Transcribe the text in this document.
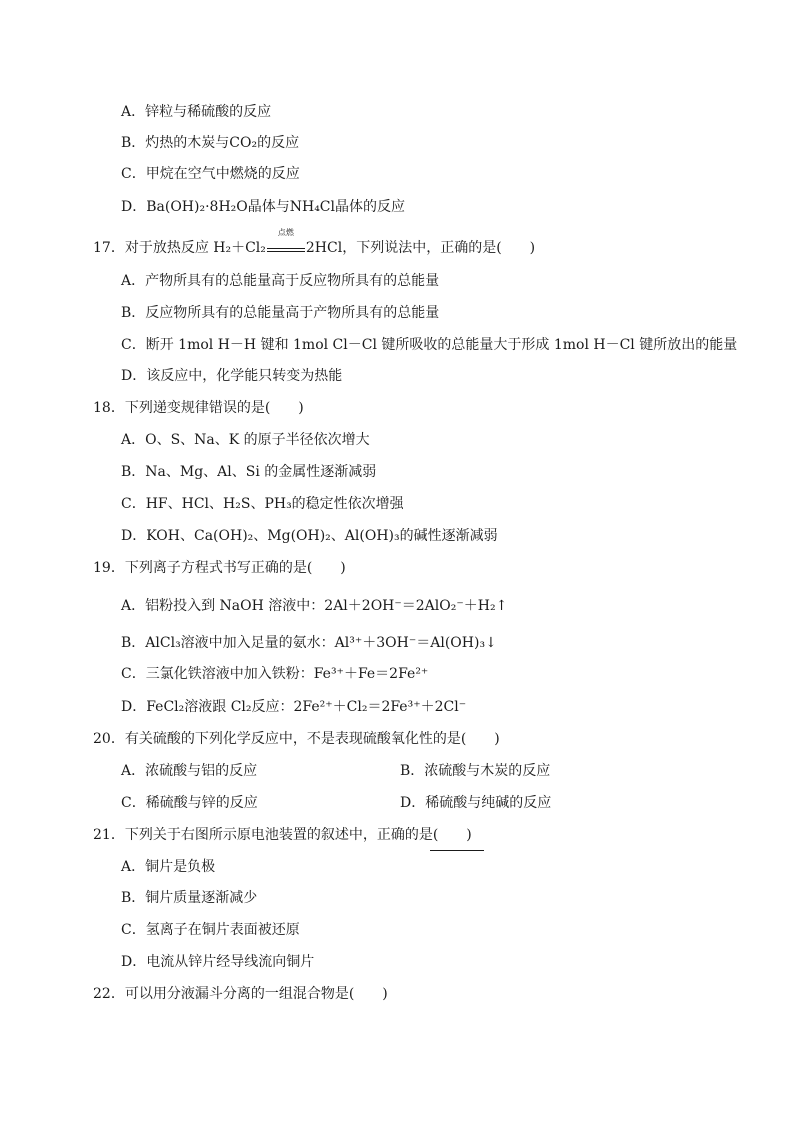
A．锌粒与稀硫酸的反应
B．灼热的木炭与CO₂的反应
C．甲烷在空气中燃烧的反应
D．Ba(OH)₂·8H₂O晶体与NH₄Cl晶体的反应
17．对于放热反应 H₂＋Cl₂
点燃
2HCl，下列说法中，正确的是(　　)
A．产物所具有的总能量高于反应物所具有的总能量
B．反应物所具有的总能量高于产物所具有的总能量
C．断开 1mol H－H 键和 1mol Cl－Cl 键所吸收的总能量大于形成 1mol H－Cl 键所放出的能量
D．该反应中，化学能只转变为热能
18．下列递变规律错误的是(　　)
A．O、S、Na、K 的原子半径依次增大
B．Na、Mg、Al、Si 的金属性逐渐减弱
C．HF、HCl、H₂S、PH₃的稳定性依次增强
D．KOH、Ca(OH)₂、Mg(OH)₂、Al(OH)₃的碱性逐渐减弱
19．下列离子方程式书写正确的是(　　)
A．铝粉投入到 NaOH 溶液中：2Al＋2OH⁻＝2AlO₂⁻＋H₂↑
B．AlCl₃溶液中加入足量的氨水：Al³⁺＋3OH⁻＝Al(OH)₃↓
C．三氯化铁溶液中加入铁粉：Fe³⁺＋Fe＝2Fe²⁺
D．FeCl₂溶液跟 Cl₂反应：2Fe²⁺＋Cl₂＝2Fe³⁺＋2Cl⁻
20．有关硫酸的下列化学反应中，不是表现硫酸氧化性的是(　　)
A．浓硫酸与铝的反应	B．浓硫酸与木炭的反应
C．稀硫酸与锌的反应	D．稀硫酸与纯碱的反应
21．下列关于右图所示原电池装置的叙述中，正确的是(　　)
A．铜片是负极
B．铜片质量逐渐减少
C．氢离子在铜片表面被还原
D．电流从锌片经导线流向铜片
22．可以用分液漏斗分离的一组混合物是(　　)
